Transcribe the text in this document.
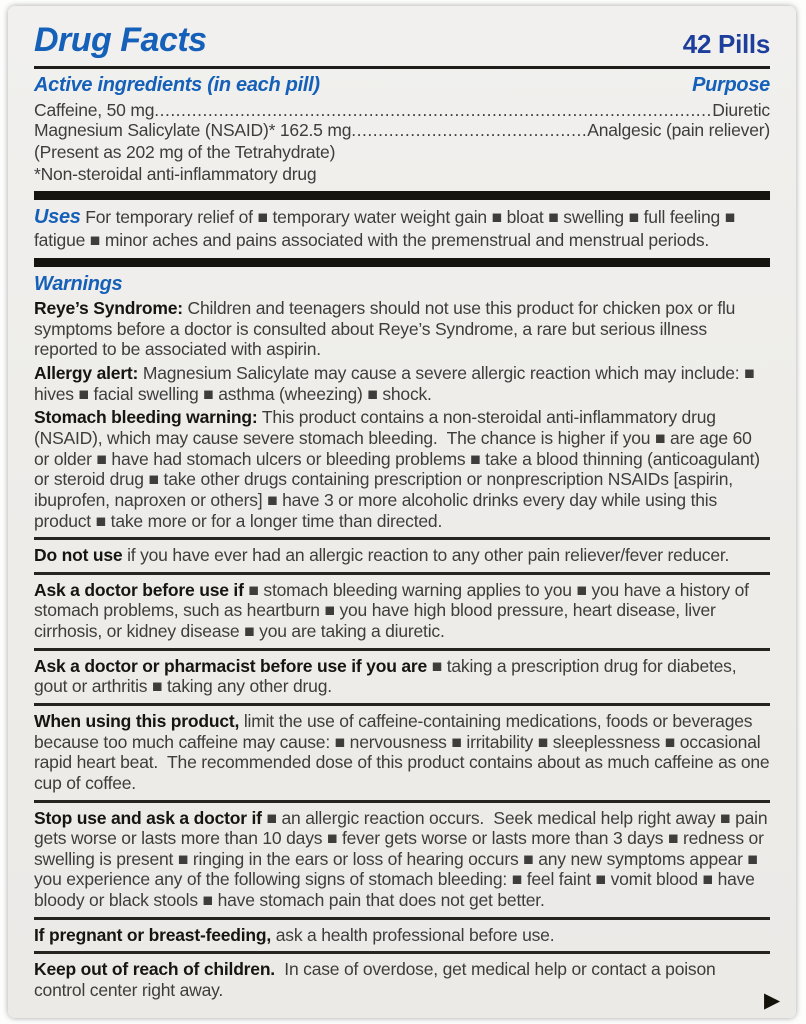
Drug Facts	42 Pills
Active ingredients (in each pill)	Purpose
Caffeine, 50 mg .....	Diuretic
Magnesium Salicylate (NSAID)* 162.5 mg .....	Analgesic (pain reliever)
(Present as 202 mg of the Tetrahydrate)
*Non-steroidal anti-inflammatory drug
Uses For temporary relief of ■ temporary water weight gain ■ bloat ■ swelling ■ full feeling ■ fatigue ■ minor aches and pains associated with the premenstrual and menstrual periods.
Warnings
Reye’s Syndrome: Children and teenagers should not use this product for chicken pox or flu symptoms before a doctor is consulted about Reye’s Syndrome, a rare but serious illness reported to be associated with aspirin.
Allergy alert: Magnesium Salicylate may cause a severe allergic reaction which may include: ■ hives ■ facial swelling ■ asthma (wheezing) ■ shock.
Stomach bleeding warning: This product contains a non-steroidal anti-inflammatory drug (NSAID), which may cause severe stomach bleeding.  The chance is higher if you ■ are age 60 or older ■ have had stomach ulcers or bleeding problems ■ take a blood thinning (anticoagulant) or steroid drug ■ take other drugs containing prescription or nonprescription NSAIDs [aspirin, ibuprofen, naproxen or others] ■ have 3 or more alcoholic drinks every day while using this product ■ take more or for a longer time than directed.
Do not use if you have ever had an allergic reaction to any other pain reliever/fever reducer.
Ask a doctor before use if ■ stomach bleeding warning applies to you ■ you have a history of stomach problems, such as heartburn ■ you have high blood pressure, heart disease, liver cirrhosis, or kidney disease ■ you are taking a diuretic.
Ask a doctor or pharmacist before use if you are ■ taking a prescription drug for diabetes, gout or arthritis ■ taking any other drug.
When using this product, limit the use of caffeine-containing medications, foods or beverages because too much caffeine may cause: ■ nervousness ■ irritability ■ sleeplessness ■ occasional rapid heart beat.  The recommended dose of this product contains about as much caffeine as one cup of coffee.
Stop use and ask a doctor if ■ an allergic reaction occurs.  Seek medical help right away ■ pain gets worse or lasts more than 10 days ■ fever gets worse or lasts more than 3 days ■ redness or swelling is present ■ ringing in the ears or loss of hearing occurs ■ any new symptoms appear ■ you experience any of the following signs of stomach bleeding: ■ feel faint ■ vomit blood ■ have bloody or black stools ■ have stomach pain that does not get better.
If pregnant or breast-feeding, ask a health professional before use.
Keep out of reach of children.  In case of overdose, get medical help or contact a poison control center right away.	▶
